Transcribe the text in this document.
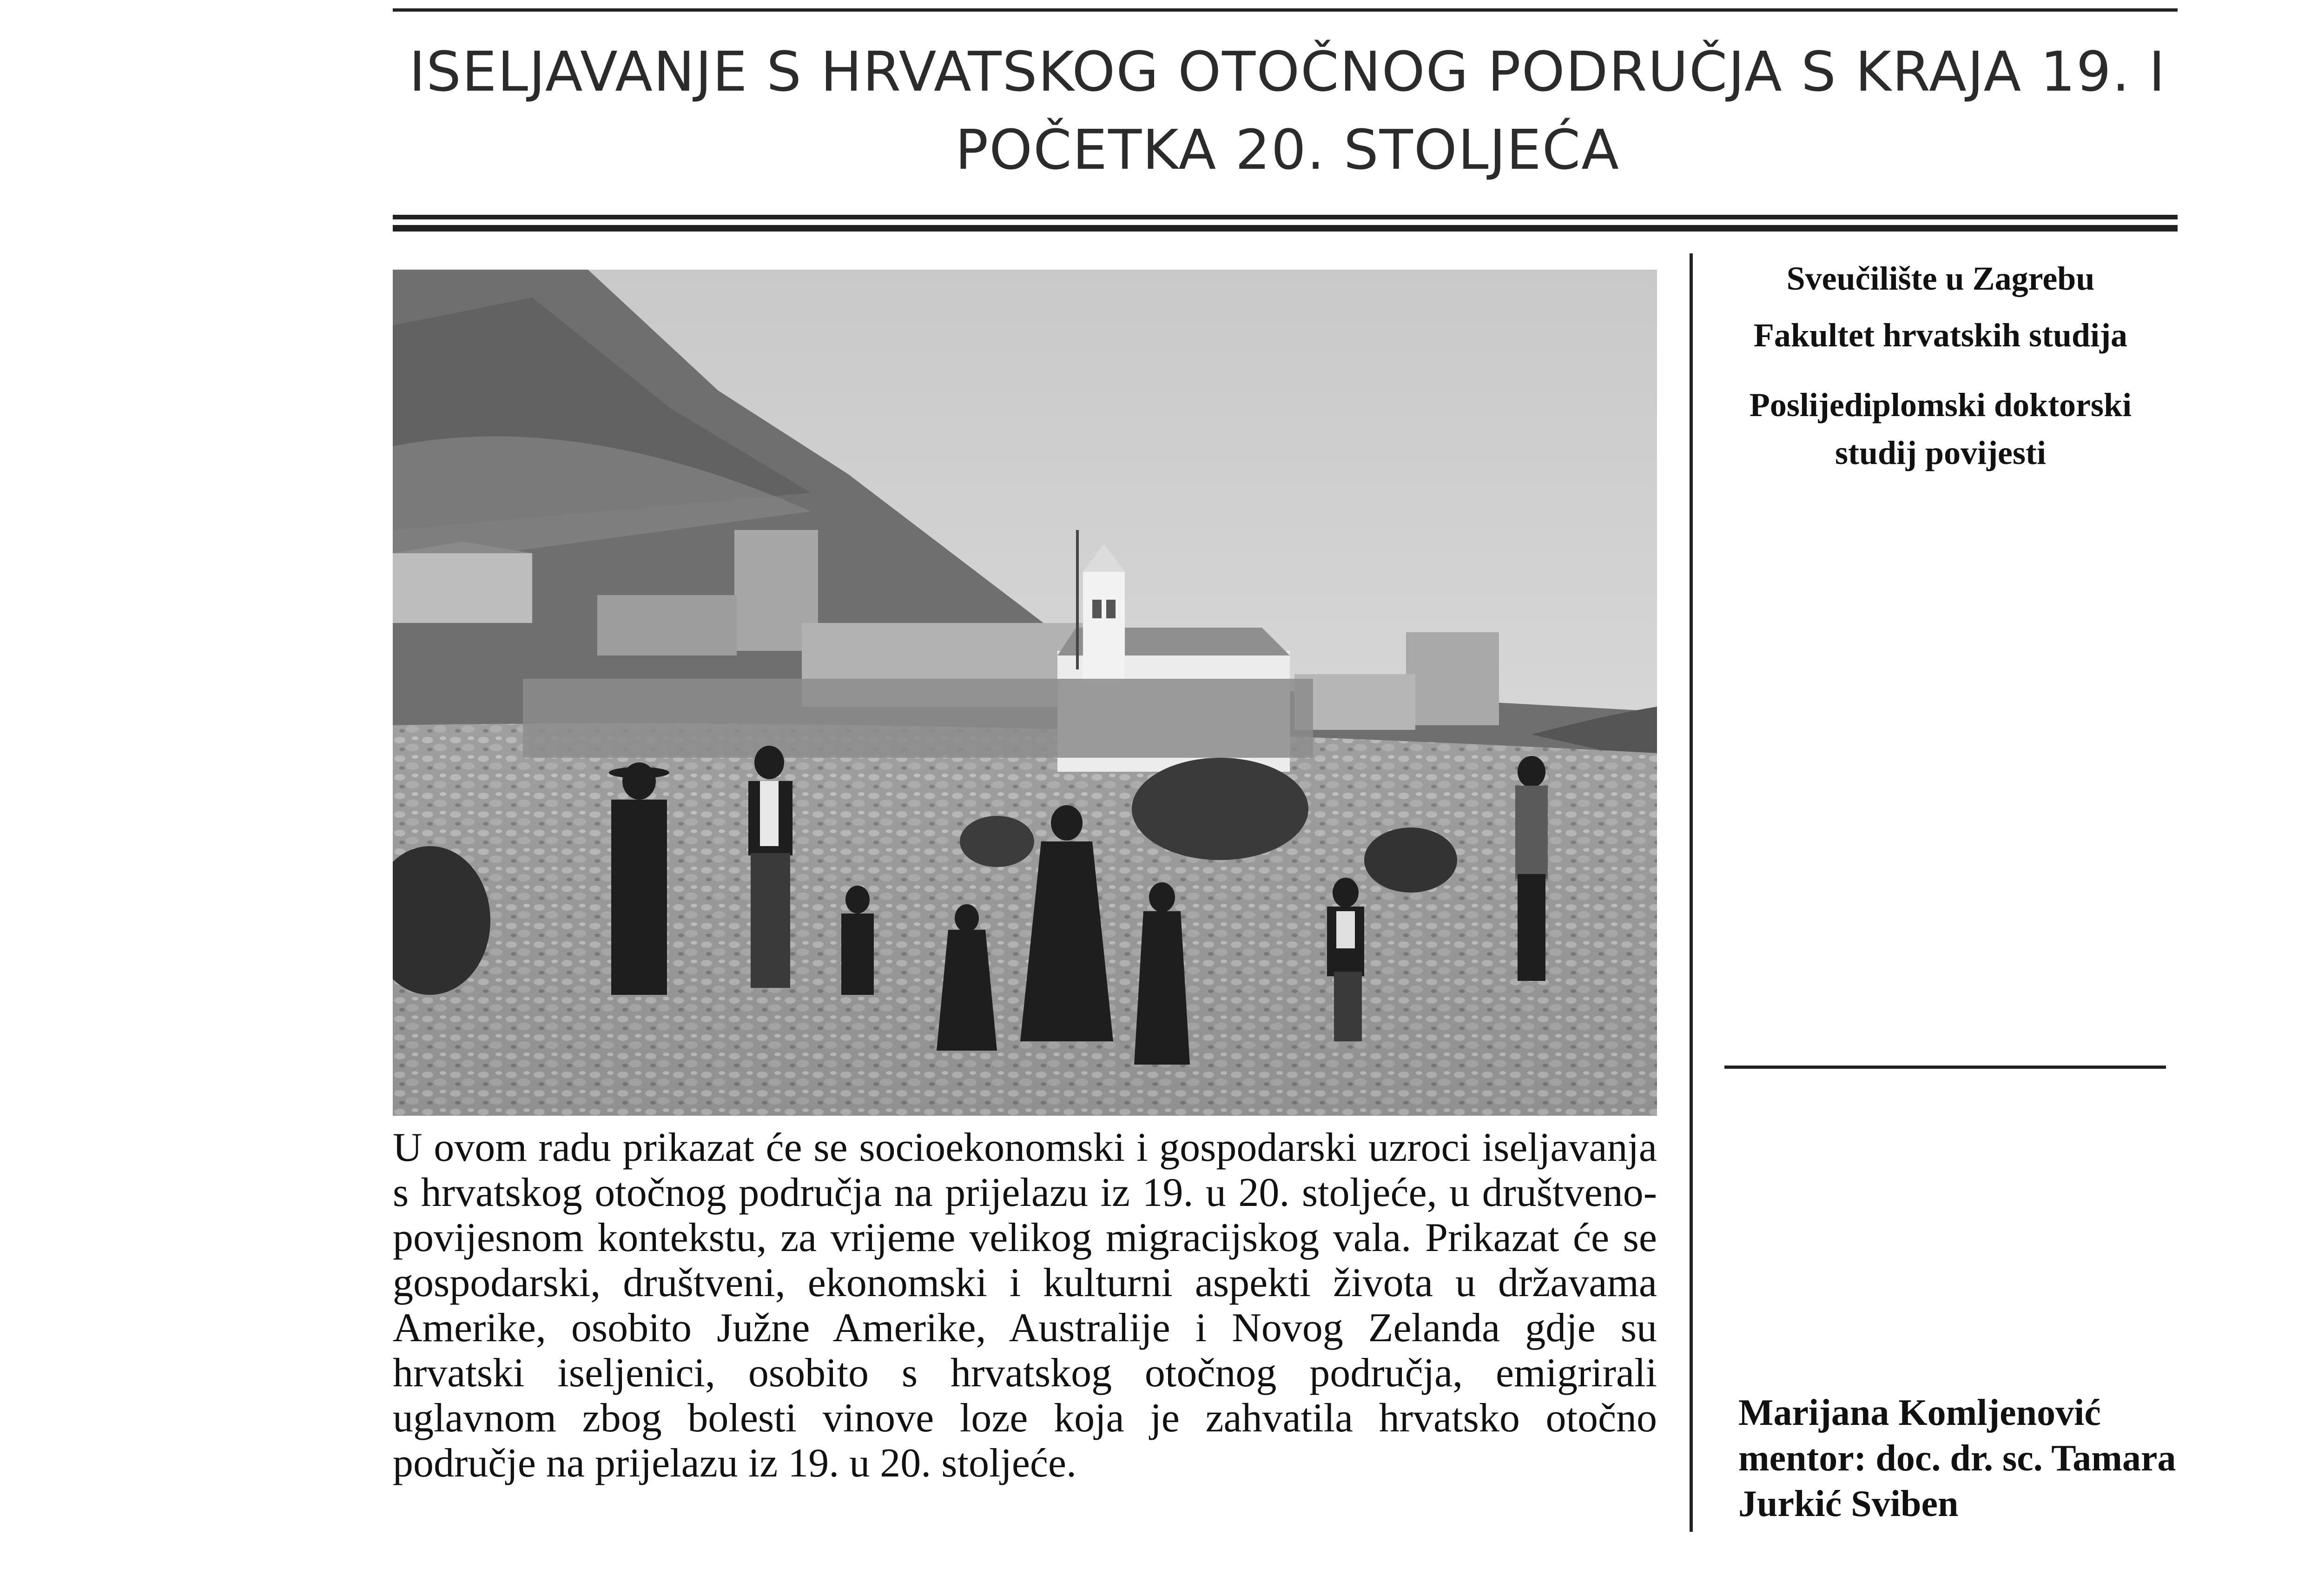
ISELJAVANJE S HRVATSKOG OTOČNOG PODRUČJA S KRAJA 19. I POČETKA 20. STOLJEĆA

U ovom radu prikazat će se socioekonomski i gospodarski uzroci iseljavanja s hrvatskog otočnog područja na prijelazu iz 19. u 20. stoljeće, u društveno-povijesnom kontekstu, za vrijeme velikog migracijskog vala. Prikazat će se gospodarski, društveni, ekonomski i kulturni aspekti života u državama Amerike, osobito Južne Amerike, Australije i Novog Zelanda gdje su hrvatski iseljenici, osobito s hrvatskog otočnog područja, emigrirali uglavnom zbog bolesti vinove loze koja je zahvatila hrvatsko otočno područje na prijelazu iz 19. u 20. stoljeće.

Sveučilište u Zagrebu
Fakultet hrvatskih studija
Poslijediplomski doktorski
studij povijesti
Marijana Komljenović
mentor: doc. dr. sc. Tamara
Jurkić Sviben
